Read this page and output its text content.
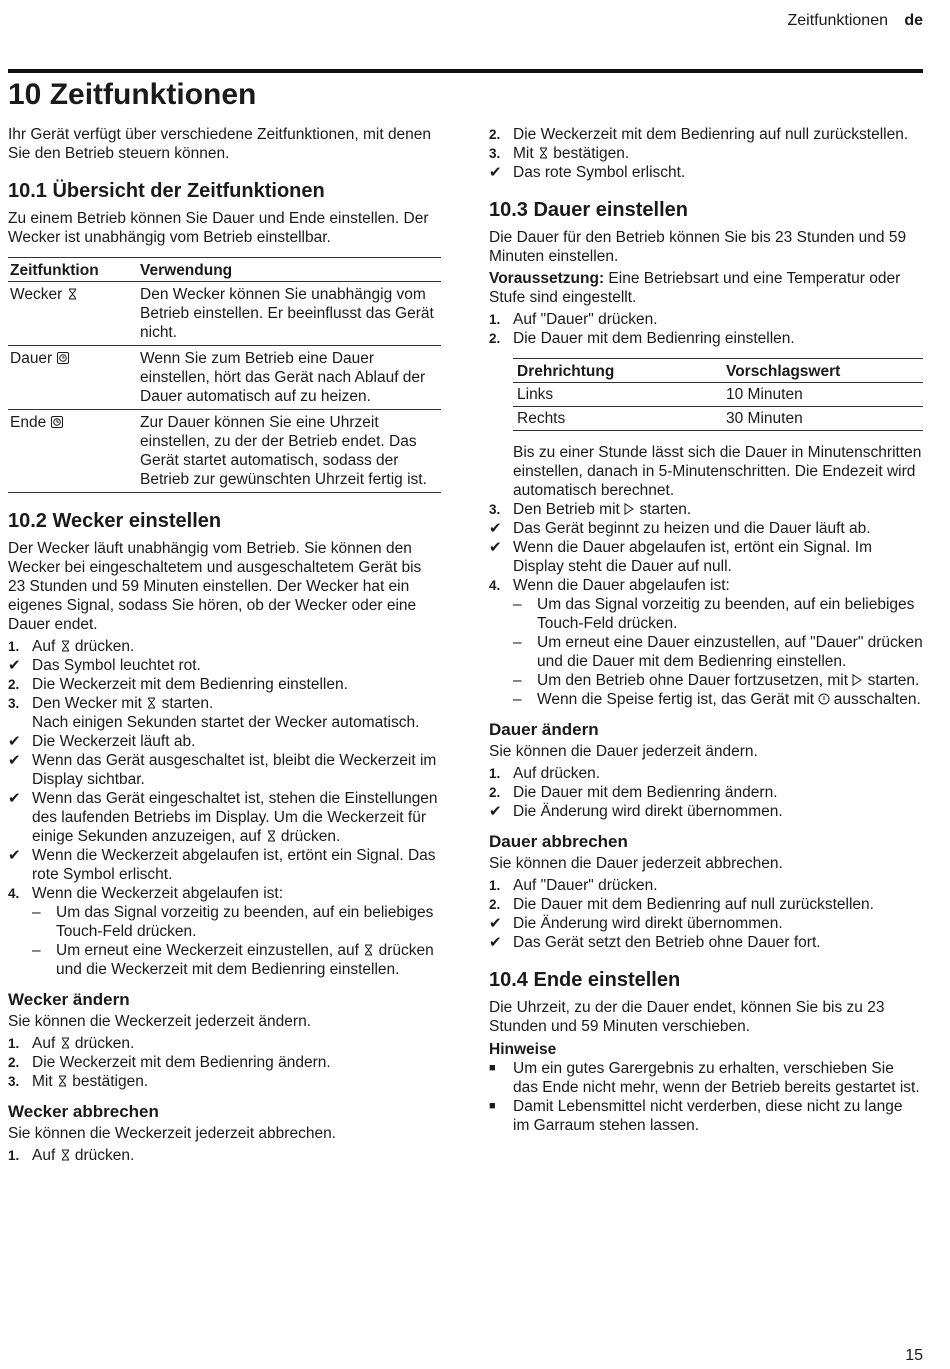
Zeitfunktionen de
10 Zeitfunktionen

Ihr Gerät verfügt über verschiedene Zeitfunktionen, mit denen Sie den Betrieb steuern können.

10.1 Übersicht der Zeitfunktionen

Zu einem Betrieb können Sie Dauer und Ende einstellen. Der Wecker ist unabhängig vom Betrieb einstellbar.

Zeitfunktion	Verwendung
Wecker	Den Wecker können Sie unabhängig vom Betrieb einstellen. Er beeinflusst das Gerät nicht.
Dauer	Wenn Sie zum Betrieb eine Dauer einstellen, hört das Gerät nach Ablauf der Dauer automatisch auf zu heizen.
Ende	Zur Dauer können Sie eine Uhrzeit einstellen, zu der der Betrieb endet. Das Gerät startet automatisch, sodass der Betrieb zur gewünschten Uhrzeit fertig ist.
10.2 Wecker einstellen

Der Wecker läuft unabhängig vom Betrieb. Sie können den Wecker bei eingeschaltetem und ausgeschaltetem Gerät bis 23 Stunden und 59 Minuten einstellen. Der Wecker hat ein eigenes Signal, sodass Sie hören, ob der Wecker oder eine Dauer endet.

1. Auf drücken.
✔ Das Symbol leuchtet rot.
2. Die Weckerzeit mit dem Bedienring einstellen.
3. Den Wecker mit starten.
Nach einigen Sekunden startet der Wecker automatisch.
✔ Die Weckerzeit läuft ab.
✔ Wenn das Gerät ausgeschaltet ist, bleibt die Weckerzeit im Display sichtbar.
✔ Wenn das Gerät eingeschaltet ist, stehen die Einstellungen des laufenden Betriebs im Display. Um die Weckerzeit für einige Sekunden anzuzeigen, auf drücken.
✔ Wenn die Weckerzeit abgelaufen ist, ertönt ein Signal. Das rote Symbol erlischt.
4. Wenn die Weckerzeit abgelaufen ist:
– Um das Signal vorzeitig zu beenden, auf ein beliebiges Touch-Feld drücken.
– Um erneut eine Weckerzeit einzustellen, auf drücken und die Weckerzeit mit dem Bedienring einstellen.
Wecker ändern

Sie können die Weckerzeit jederzeit ändern.

1. Auf drücken.
2. Die Weckerzeit mit dem Bedienring ändern.
3. Mit bestätigen.
Wecker abbrechen

Sie können die Weckerzeit jederzeit abbrechen.

1. Auf drücken.
2. Die Weckerzeit mit dem Bedienring auf null zurückstellen.
3. Mit bestätigen.
✔ Das rote Symbol erlischt.
10.3 Dauer einstellen

Die Dauer für den Betrieb können Sie bis 23 Stunden und 59 Minuten einstellen.

Voraussetzung: Eine Betriebsart und eine Temperatur oder Stufe sind eingestellt.

1. Auf "Dauer" drücken.
2. Die Dauer mit dem Bedienring einstellen.
Drehrichtung	Vorschlagswert
Links	10 Minuten
Rechts	30 Minuten
Bis zu einer Stunde lässt sich die Dauer in Minutenschritten einstellen, danach in 5-Minutenschritten. Die Endezeit wird automatisch berechnet.
3. Den Betrieb mit starten.
✔ Das Gerät beginnt zu heizen und die Dauer läuft ab.
✔ Wenn die Dauer abgelaufen ist, ertönt ein Signal. Im Display steht die Dauer auf null.
4. Wenn die Dauer abgelaufen ist:
– Um das Signal vorzeitig zu beenden, auf ein beliebiges Touch-Feld drücken.
– Um erneut eine Dauer einzustellen, auf "Dauer" drücken und die Dauer mit dem Bedienring einstellen.
– Um den Betrieb ohne Dauer fortzusetzen, mit starten.
– Wenn die Speise fertig ist, das Gerät mit ausschalten.
Dauer ändern

Sie können die Dauer jederzeit ändern.

1. Auf drücken.
2. Die Dauer mit dem Bedienring ändern.
✔ Die Änderung wird direkt übernommen.
Dauer abbrechen

Sie können die Dauer jederzeit abbrechen.

1. Auf "Dauer" drücken.
2. Die Dauer mit dem Bedienring auf null zurückstellen.
✔ Die Änderung wird direkt übernommen.
✔ Das Gerät setzt den Betrieb ohne Dauer fort.
10.4 Ende einstellen

Die Uhrzeit, zu der die Dauer endet, können Sie bis zu 23 Stunden und 59 Minuten verschieben.

Hinweise
■	Um ein gutes Garergebnis zu erhalten, verschieben Sie das Ende nicht mehr, wenn der Betrieb bereits gestartet ist.
■	Damit Lebensmittel nicht verderben, diese nicht zu lange im Garraum stehen lassen.
15
